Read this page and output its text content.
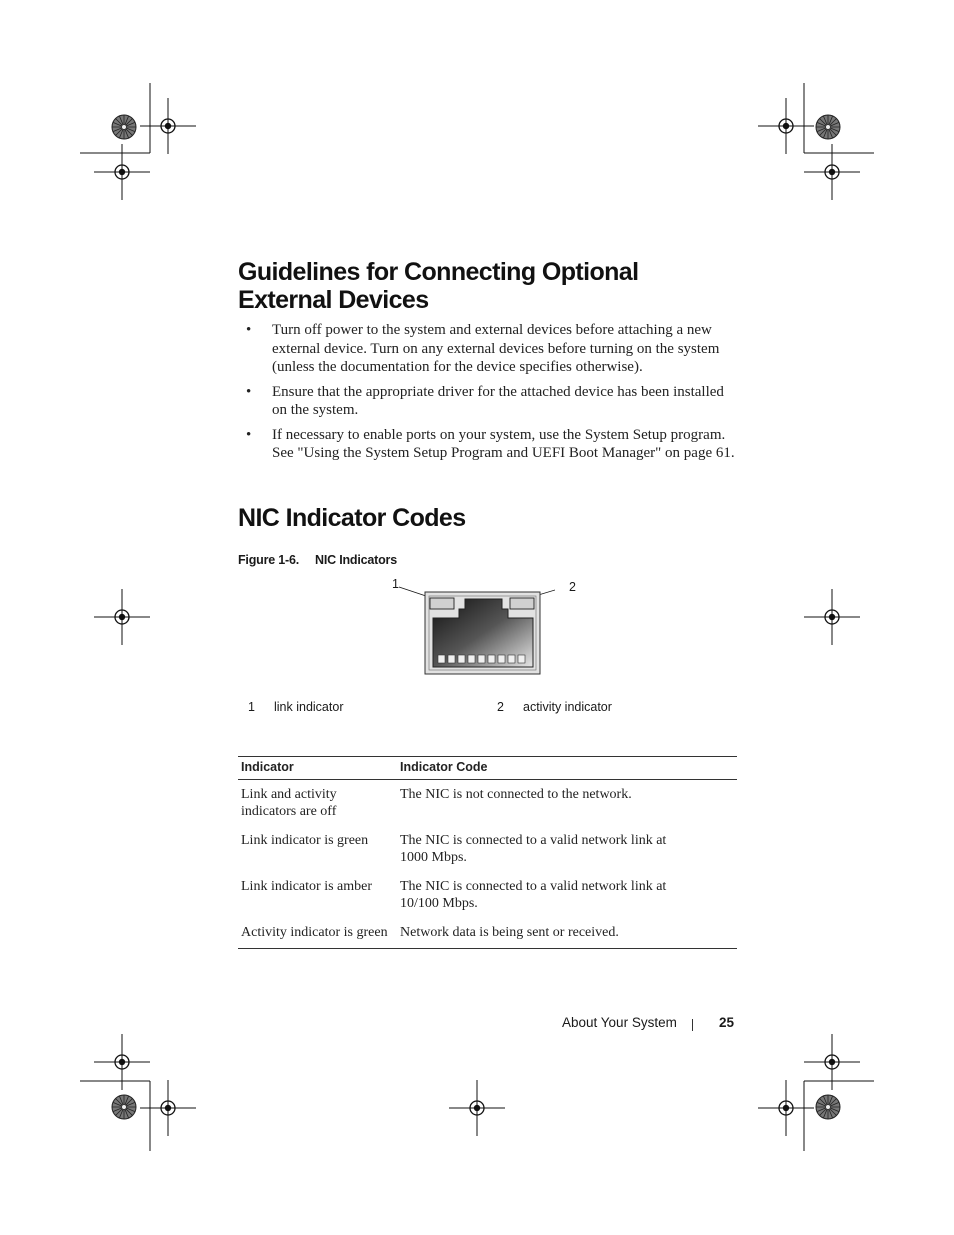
Guidelines for Connecting Optional
External Devices
• Turn off power to the system and external devices before attaching a new external device. Turn on any external devices before turning on the system (unless the documentation for the device specifies otherwise).
• Ensure that the appropriate driver for the attached device has been installed on the system.
• If necessary to enable ports on your system, use the System Setup program. See "Using the System Setup Program and UEFI Boot Manager" on page 61.
NIC Indicator Codes
Figure 1-6. NIC Indicators
1	2
1 link indicator	2 activity indicator
Indicator	Indicator Code
Link and activity indicators are off	The NIC is not connected to the network.
Link indicator is green	The NIC is connected to a valid network link at 1000 Mbps.
Link indicator is amber	The NIC is connected to a valid network link at 10/100 Mbps.
Activity indicator is green	Network data is being sent or received.
About Your System	25
